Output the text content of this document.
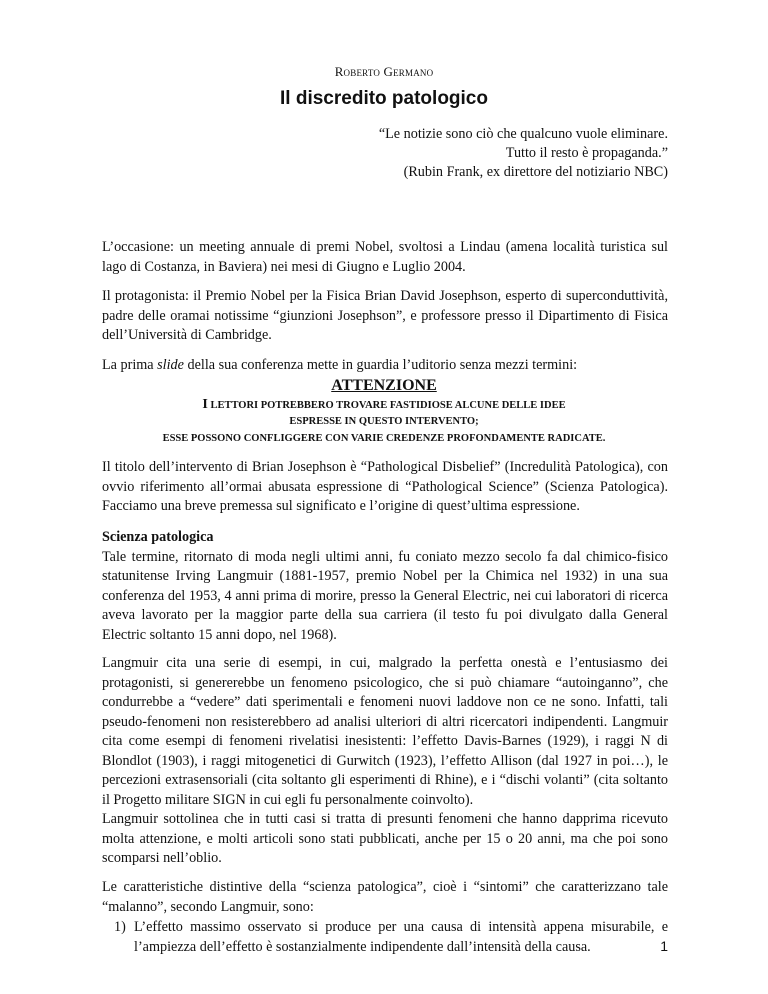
Roberto Germano
Il discredito patologico
“Le notizie sono ciò che qualcuno vuole eliminare.
Tutto il resto è propaganda.”
(Rubin Frank, ex direttore del notiziario NBC)

L’occasione: un meeting annuale di premi Nobel, svoltosi a Lindau (amena località turistica sul lago di Costanza, in Baviera) nei mesi di Giugno e Luglio 2004.

Il protagonista: il Premio Nobel per la Fisica Brian David Josephson, esperto di superconduttività, padre delle oramai notissime “giunzioni Josephson”, e professore presso il Dipartimento di Fisica dell’Università di Cambridge.

La prima slide della sua conferenza mette in guardia l’uditorio senza mezzi termini:

ATTENZIONE
I LETTORI POTREBBERO TROVARE FASTIDIOSE ALCUNE DELLE IDEE
ESPRESSE IN QUESTO INTERVENTO;
ESSE POSSONO CONFLIGGERE CON VARIE CREDENZE PROFONDAMENTE RADICATE.

Il titolo dell’intervento di Brian Josephson è “Pathological Disbelief” (Incredulità Patologica), con ovvio riferimento all’ormai abusata espressione di “Pathological Science” (Scienza Patologica). Facciamo una breve premessa sul significato e l’origine di quest’ultima espressione.

Scienza patologica

Tale termine, ritornato di moda negli ultimi anni, fu coniato mezzo secolo fa dal chimico-fisico statunitense Irving Langmuir (1881-1957, premio Nobel per la Chimica nel 1932) in una sua conferenza del 1953, 4 anni prima di morire, presso la General Electric, nei cui laboratori di ricerca aveva lavorato per la maggior parte della sua carriera (il testo fu poi divulgato dalla General Electric soltanto 15 anni dopo, nel 1968).

Langmuir cita una serie di esempi, in cui, malgrado la perfetta onestà e l’entusiasmo dei protagonisti, si genererebbe un fenomeno psicologico, che si può chiamare “autoinganno”, che condurrebbe a “vedere” dati sperimentali e fenomeni nuovi laddove non ce ne sono. Infatti, tali pseudo-fenomeni non resisterebbero ad analisi ulteriori di altri ricercatori indipendenti. Langmuir cita come esempi di fenomeni rivelatisi inesistenti: l’effetto Davis-Barnes (1929), i raggi N di Blondlot (1903), i raggi mitogenetici di Gurwitch (1923), l’effetto Allison (dal 1927 in poi…), le percezioni extrasensoriali (cita soltanto gli esperimenti di Rhine), e i “dischi volanti” (cita soltanto il Progetto militare SIGN in cui egli fu personalmente coinvolto).

Langmuir sottolinea che in tutti casi si tratta di presunti fenomeni che hanno dapprima ricevuto molta attenzione, e molti articoli sono stati pubblicati, anche per 15 o 20 anni, ma che poi sono scomparsi nell’oblio.

Le caratteristiche distintive della “scienza patologica”, cioè i “sintomi” che caratterizzano tale “malanno”, secondo Langmuir, sono:

1) L’effetto massimo osservato si produce per una causa di intensità appena misurabile, e l’ampiezza dell’effetto è sostanzialmente indipendente dall’intensità della causa.	1
